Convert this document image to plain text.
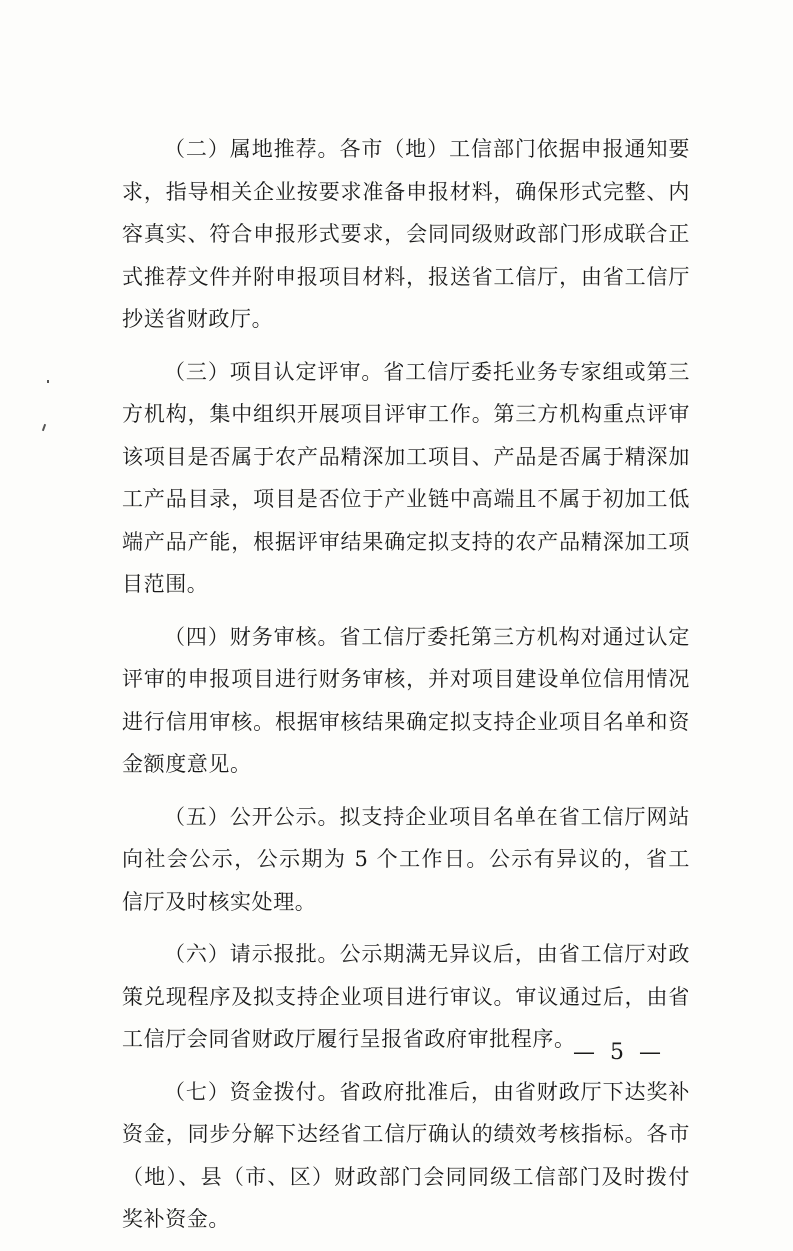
（二）属地推荐。各市（地）工信部门依据申报通知要求，指导相关企业按要求准备申报材料，确保形式完整、内容真实、符合申报形式要求，会同同级财政部门形成联合正式推荐文件并附申报项目材料，报送省工信厅，由省工信厅抄送省财政厅。

（三）项目认定评审。省工信厅委托业务专家组或第三方机构，集中组织开展项目评审工作。第三方机构重点评审该项目是否属于农产品精深加工项目、产品是否属于精深加工产品目录，项目是否位于产业链中高端且不属于初加工低端产品产能，根据评审结果确定拟支持的农产品精深加工项目范围。

（四）财务审核。省工信厅委托第三方机构对通过认定评审的申报项目进行财务审核，并对项目建设单位信用情况进行信用审核。根据审核结果确定拟支持企业项目名单和资金额度意见。

（五）公开公示。拟支持企业项目名单在省工信厅网站向社会公示，公示期为 5 个工作日。公示有异议的，省工信厅及时核实处理。

（六）请示报批。公示期满无异议后，由省工信厅对政策兑现程序及拟支持企业项目进行审议。审议通过后，由省工信厅会同省财政厅履行呈报省政府审批程序。

（七）资金拨付。省政府批准后，由省财政厅下达奖补资金，同步分解下达经省工信厅确认的绩效考核指标。各市（地）、县（市、区）财政部门会同同级工信部门及时拨付奖补资金。

— 5 —
